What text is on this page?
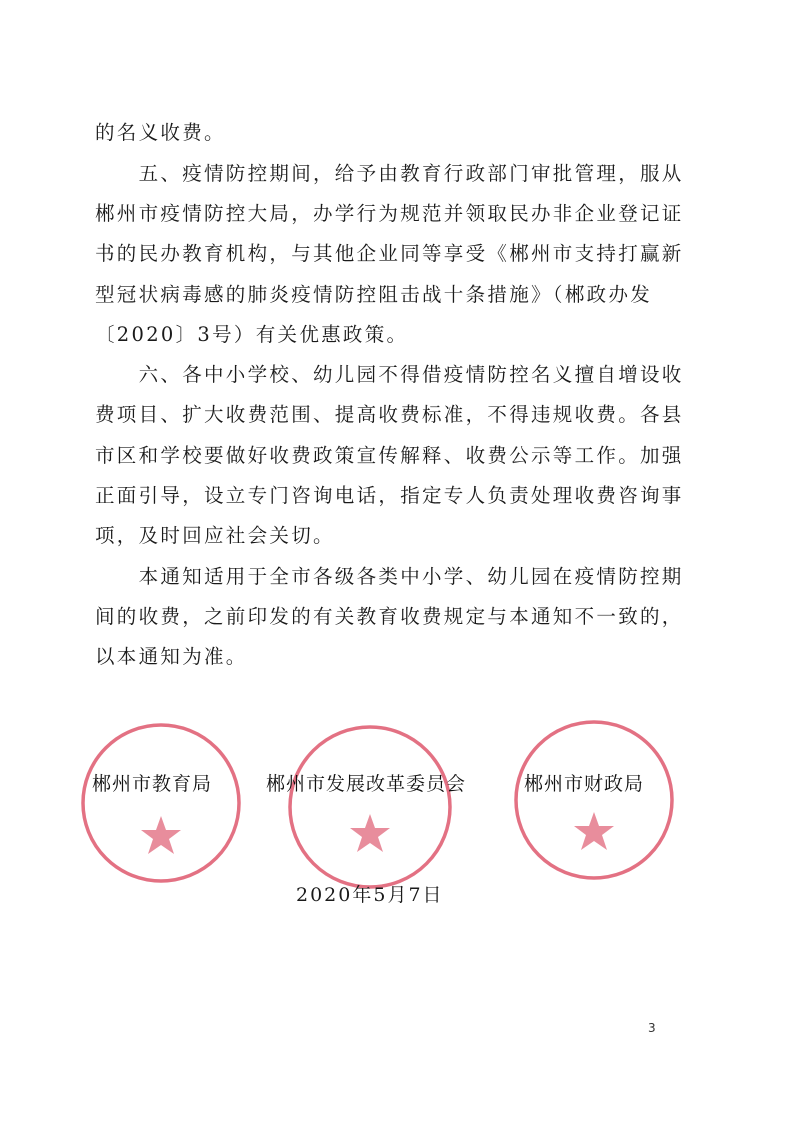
的名义收费。

　　五、疫情防控期间，给予由教育行政部门审批管理，服从

郴州市疫情防控大局，办学行为规范并领取民办非企业登记证

书的民办教育机构，与其他企业同等享受《郴州市支持打赢新

型冠状病毒感的肺炎疫情防控阻击战十条措施》（郴政办发

〔2020〕3号）有关优惠政策。

　　六、各中小学校、幼儿园不得借疫情防控名义擅自增设收

费项目、扩大收费范围、提高收费标准，不得违规收费。各县

市区和学校要做好收费政策宣传解释、收费公示等工作。加强

正面引导，设立专门咨询电话，指定专人负责处理收费咨询事

项，及时回应社会关切。

　　本通知适用于全市各级各类中小学、幼儿园在疫情防控期

间的收费，之前印发的有关教育收费规定与本通知不一致的，

以本通知为准。

郴州市教育局	郴州市发展改革委员会	郴州市财政局
2020年5月7日
3
